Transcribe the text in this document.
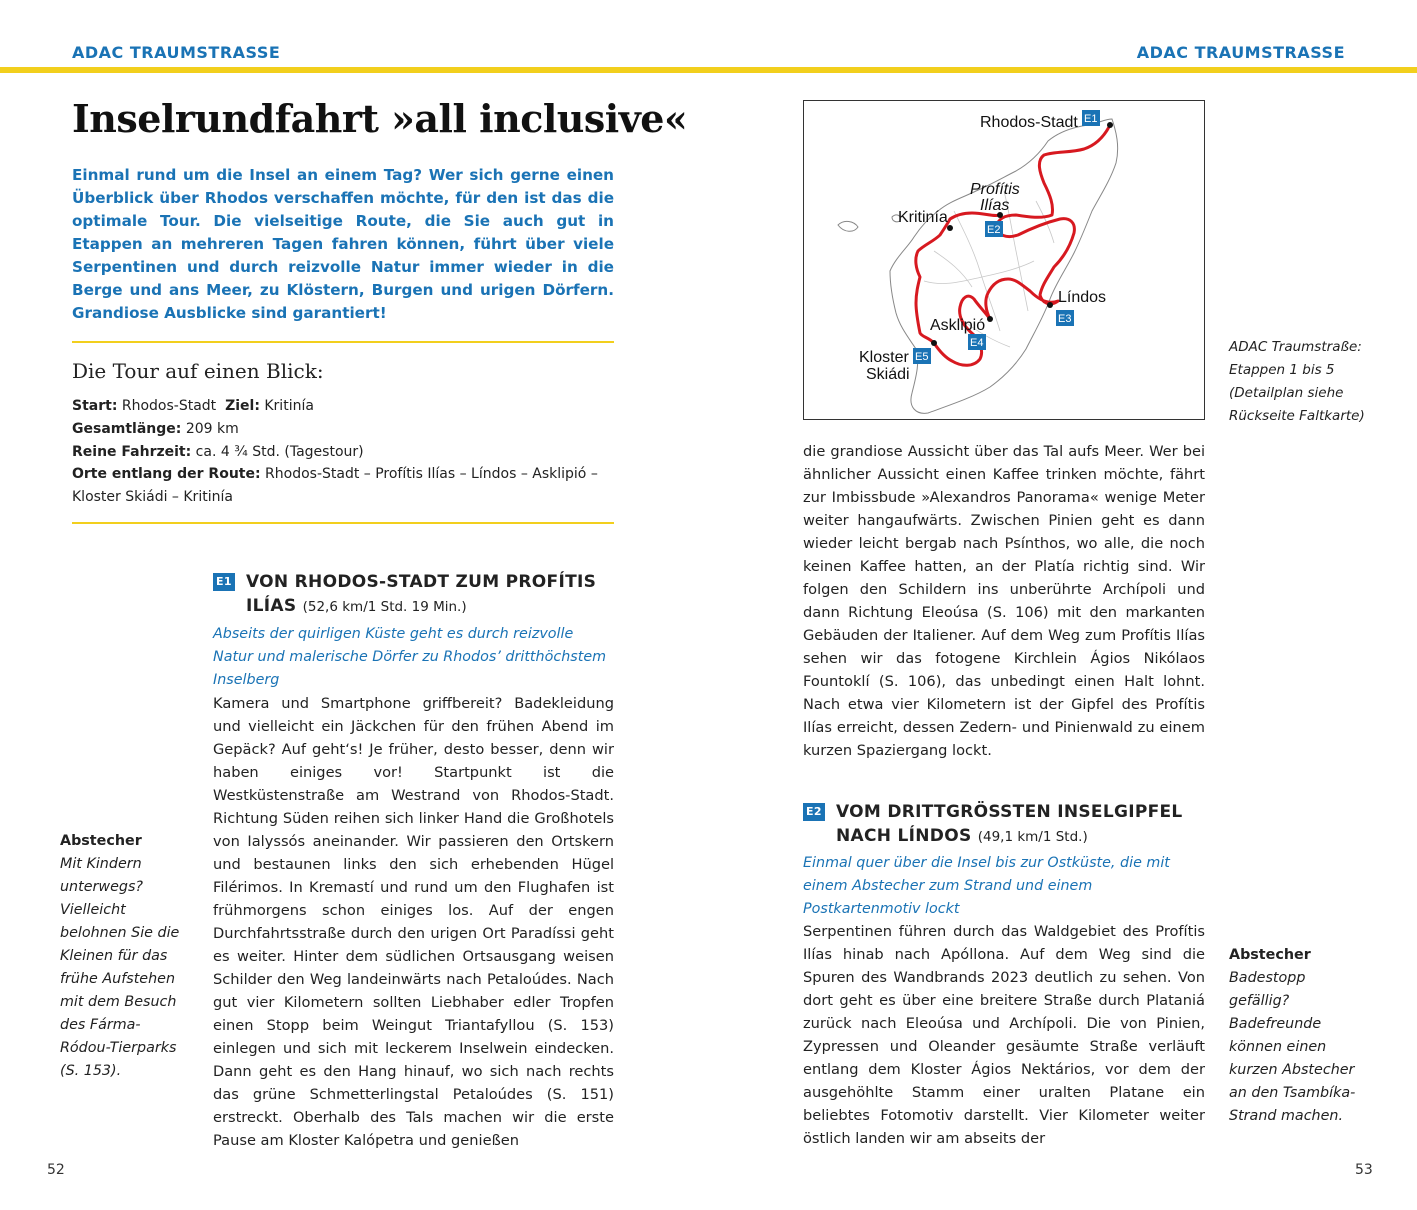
ADAC TRAUMSTRASSE	ADAC TRAUMSTRASSE
Inselrundfahrt »all inclusive«

Einmal rund um die Insel an einem Tag? Wer sich gerne einen Überblick über Rhodos verschaffen möchte, für den ist das die optimale Tour. Die vielseitige Route, die Sie auch gut in Etappen an mehreren Tagen fahren können, führt über viele Serpentinen und durch reizvolle Natur immer wieder in die Berge und ans Meer, zu Klöstern, Burgen und urigen Dörfern. Grandiose Ausblicke sind garantiert!

Die Tour auf einen Blick:

Start: Rhodos-Stadt Ziel: Kritinía

Gesamtlänge: 209 km

Reine Fahrzeit: ca. 4 ¾ Std. (Tagestour)

Orte entlang der Route: Rhodos-Stadt – Profítis Ilías – Líndos – Asklipió – Kloster Skiádi – Kritinía

E1 VON RHODOS-STADT ZUM PROFÍTIS
ILÍAS (52,6 km/1 Std. 19 Min.)

Abseits der quirligen Küste geht es durch reizvolle Natur und malerische Dörfer zu Rhodos’ dritthöchstem Inselberg

Kamera und Smartphone griffbereit? Badekleidung und vielleicht ein Jäckchen für den frühen Abend im Gepäck? Auf geht‘s! Je früher, desto besser, denn wir haben einiges vor! Startpunkt ist die Westküstenstraße am Westrand von Rhodos-Stadt. Richtung Süden reihen sich linker Hand die Großhotels von Ialyssós aneinander. Wir passieren den Ortskern und bestaunen links den sich erhebenden Hügel Filérimos. In Kremastí und rund um den Flughafen ist frühmorgens schon einiges los. Auf der engen Durchfahrtsstraße durch den urigen Ort Paradíssi geht es weiter. Hinter dem südlichen Ortsausgang weisen Schilder den Weg landeinwärts nach Petaloúdes. Nach gut vier Kilometern sollten Liebhaber edler Tropfen einen Stopp beim Weingut Triantafyllou (S. 153) einlegen und sich mit leckerem Inselwein eindecken. Dann geht es den Hang hinauf, wo sich nach rechts das grüne Schmetterlingstal Petaloúdes (S. 151) erstreckt. Oberhalb des Tals machen wir die erste Pause am Kloster Kalópetra und genießen

Abstecher
Mit Kindern unterwegs? Vielleicht belohnen Sie die Kleinen für das frühe Aufstehen mit dem Besuch des Fárma-Ródou-Tierparks (S. 153).
Rhodos-Stadt
Profítis
Ilías
Kritinía
Líndos
Asklipió
Kloster
Skiádi
E1
E2
E3
E4
E5

ADAC Traumstraße: Etappen 1 bis 5 (Detailplan siehe Rückseite Faltkarte)

die grandiose Aussicht über das Tal aufs Meer. Wer bei ähnlicher Aussicht einen Kaffee trinken möchte, fährt zur Imbissbude »Alexandros Panorama« wenige Meter weiter hangaufwärts. Zwischen Pinien geht es dann wieder leicht bergab nach Psínthos, wo alle, die noch keinen Kaffee hatten, an der Platía richtig sind. Wir folgen den Schildern ins unberührte Archípoli und dann Richtung Eleoúsa (S. 106) mit den markanten Gebäuden der Italiener. Auf dem Weg zum Profítis Ilías sehen wir das fotogene Kirchlein Ágios Nikólaos Fountoklí (S. 106), das unbedingt einen Halt lohnt. Nach etwa vier Kilometern ist der Gipfel des Profítis Ilías erreicht, dessen Zedern- und Pinienwald zu einem kurzen Spaziergang lockt.

E2 VOM DRITTGRÖSSTEN INSELGIPFEL
NACH LÍNDOS (49,1 km/1 Std.)

Einmal quer über die Insel bis zur Ostküste, die mit einem Abstecher zum Strand und einem Postkartenmotiv lockt

Serpentinen führen durch das Waldgebiet des Profítis Ilías hinab nach Apóllona. Auf dem Weg sind die Spuren des Wandbrands 2023 deutlich zu sehen. Von dort geht es über eine breitere Straße durch Plataniá zurück nach Eleoúsa und Archípoli. Die von Pinien, Zypressen und Oleander gesäumte Straße verläuft entlang dem Kloster Ágios Nektários, vor dem der ausgehöhlte Stamm einer uralten Platane ein beliebtes Fotomotiv darstellt. Vier Kilometer weiter östlich landen wir am abseits der

Abstecher
Badestopp gefällig? Badefreunde können einen kurzen Abstecher an den Tsambíka-Strand machen.
52	53
